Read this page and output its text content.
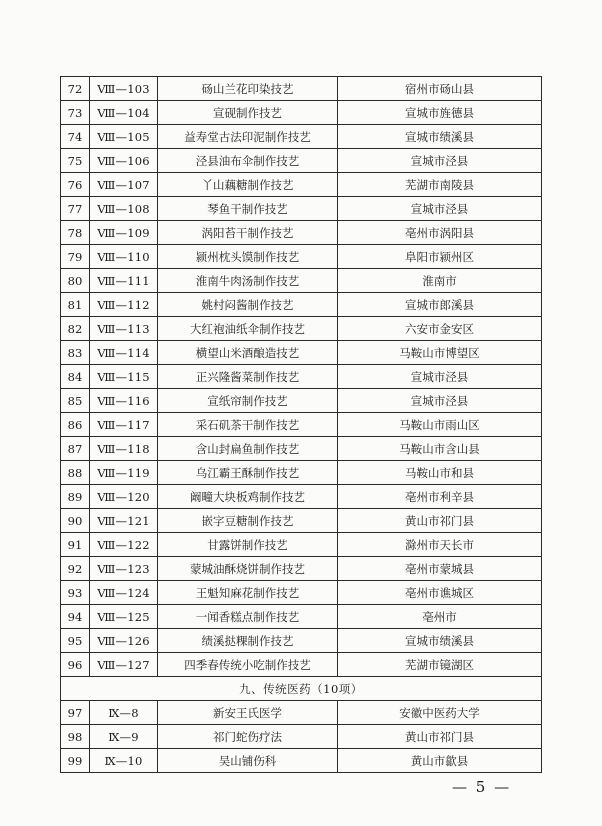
72	Ⅷ—103	砀山兰花印染技艺	宿州市砀山县
73	Ⅷ—104	宣砚制作技艺	宣城市旌德县
74	Ⅷ—105	益寿堂古法印泥制作技艺	宣城市绩溪县
75	Ⅷ—106	泾县油布伞制作技艺	宣城市泾县
76	Ⅷ—107	丫山藕糖制作技艺	芜湖市南陵县
77	Ⅷ—108	琴鱼干制作技艺	宣城市泾县
78	Ⅷ—109	涡阳苔干制作技艺	亳州市涡阳县
79	Ⅷ—110	颍州枕头馍制作技艺	阜阳市颍州区
80	Ⅷ—111	淮南牛肉汤制作技艺	淮南市
81	Ⅷ—112	姚村闷酱制作技艺	宣城市郎溪县
82	Ⅷ—113	大红袍油纸伞制作技艺	六安市金安区
83	Ⅷ—114	横望山米酒酿造技艺	马鞍山市博望区
84	Ⅷ—115	正兴隆酱菜制作技艺	宣城市泾县
85	Ⅷ—116	宣纸帘制作技艺	宣城市泾县
86	Ⅷ—117	采石矶茶干制作技艺	马鞍山市雨山区
87	Ⅷ—118	含山封扁鱼制作技艺	马鞍山市含山县
88	Ⅷ—119	乌江霸王酥制作技艺	马鞍山市和县
89	Ⅷ—120	阚疃大块板鸡制作技艺	亳州市利辛县
90	Ⅷ—121	嵌字豆糖制作技艺	黄山市祁门县
91	Ⅷ—122	甘露饼制作技艺	滁州市天长市
92	Ⅷ—123	蒙城油酥烧饼制作技艺	亳州市蒙城县
93	Ⅷ—124	王魁知麻花制作技艺	亳州市谯城区
94	Ⅷ—125	一闻香糕点制作技艺	亳州市
95	Ⅷ—126	绩溪挞粿制作技艺	宣城市绩溪县
96	Ⅷ—127	四季春传统小吃制作技艺	芜湖市镜湖区
九、传统医药（10项）			
97	Ⅸ—8	新安王氏医学	安徽中医药大学
98	Ⅸ—9	祁门蛇伤疗法	黄山市祁门县
99	Ⅸ—10	吴山铺伤科	黄山市歙县
— 5 —
